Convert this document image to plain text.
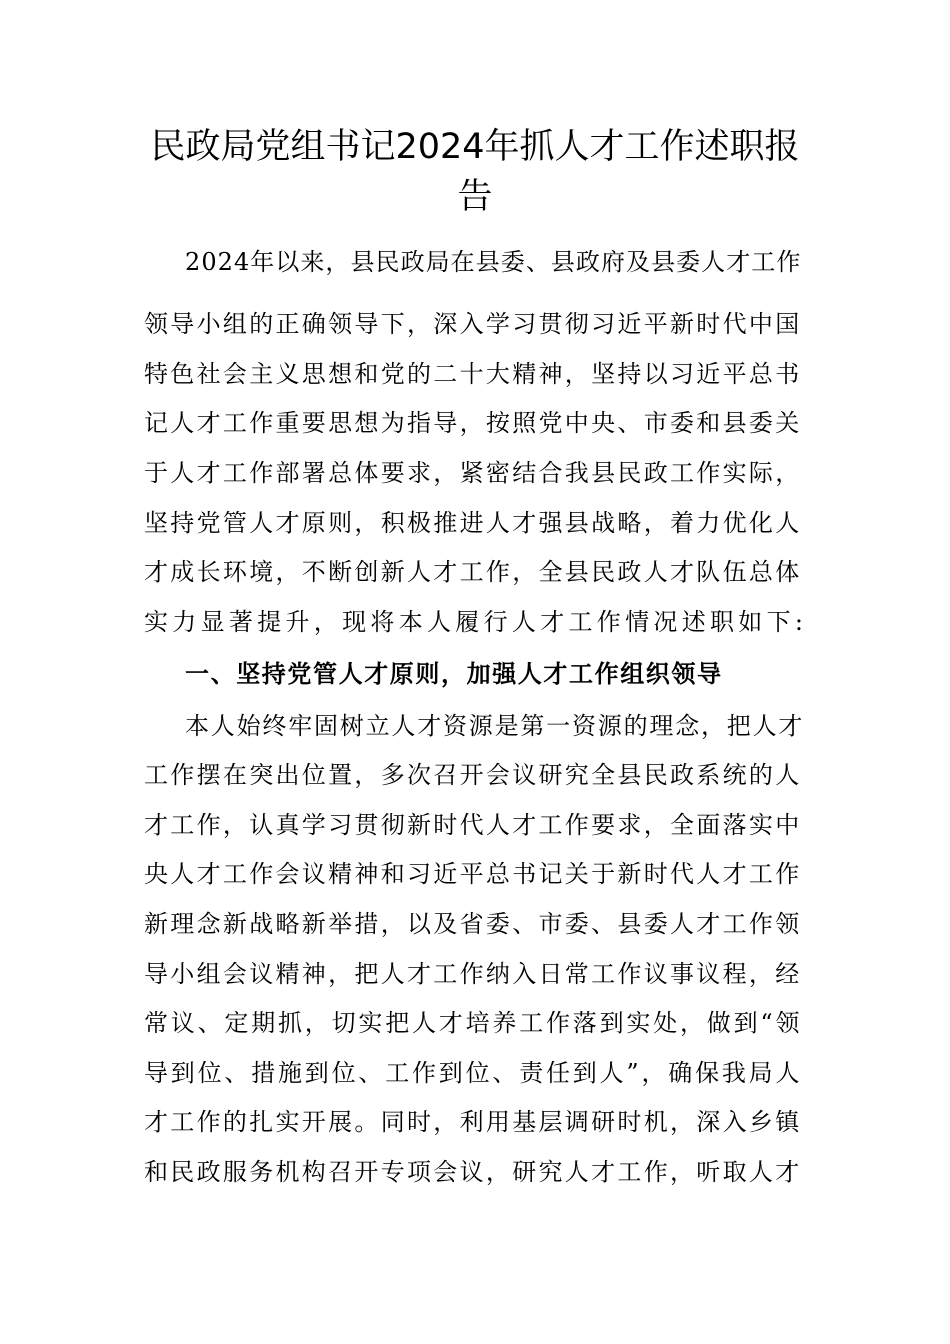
民政局党组书记2024年抓人才工作述职报
告

2024年以来，县民政局在县委、县政府及县委人才工作

领导小组的正确领导下，深入学习贯彻习近平新时代中国

特色社会主义思想和党的二十大精神，坚持以习近平总书

记人才工作重要思想为指导，按照党中央、市委和县委关

于人才工作部署总体要求，紧密结合我县民政工作实际，

坚持党管人才原则，积极推进人才强县战略，着力优化人

才成长环境，不断创新人才工作，全县民政人才队伍总体

实力显著提升，现将本人履行人才工作情况述职如下:

一、坚持党管人才原则，加强人才工作组织领导

本人始终牢固树立人才资源是第一资源的理念，把人才

工作摆在突出位置，多次召开会议研究全县民政系统的人

才工作，认真学习贯彻新时代人才工作要求，全面落实中

央人才工作会议精神和习近平总书记关于新时代人才工作

新理念新战略新举措，以及省委、市委、县委人才工作领

导小组会议精神，把人才工作纳入日常工作议事议程，经

常议、定期抓，切实把人才培养工作落到实处，做到“领

导到位、措施到位、工作到位、责任到人”，确保我局人

才工作的扎实开展。同时，利用基层调研时机，深入乡镇

和民政服务机构召开专项会议，研究人才工作，听取人才
